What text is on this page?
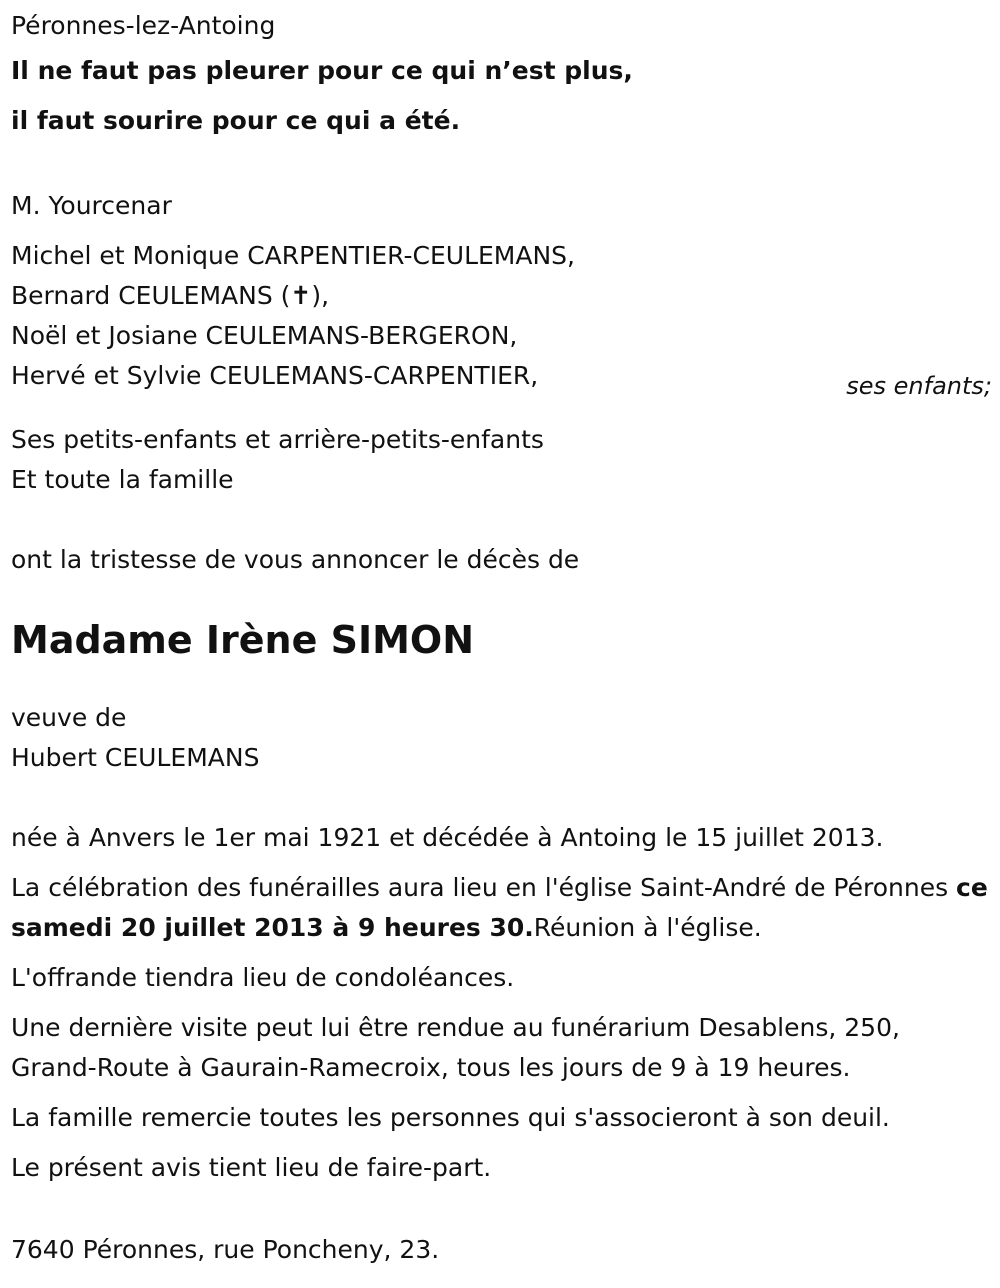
Péronnes-lez-Antoing

Il ne faut pas pleurer pour ce qui n’est plus,

il faut sourire pour ce qui a été.

M. Yourcenar

Michel et Monique CARPENTIER-CEULEMANS,

Bernard CEULEMANS (✝),

Noël et Josiane CEULEMANS-BERGERON,

Hervé et Sylvie CEULEMANS-CARPENTIER,	ses enfants;

Ses petits-enfants et arrière-petits-enfants

Et toute la famille

ont la tristesse de vous annoncer le décès de

Madame Irène SIMON

veuve de

Hubert CEULEMANS

née à Anvers le 1er mai 1921 et décédée à Antoing le 15 juillet 2013.

La célébration des funérailles aura lieu en l'église Saint-André de Péronnes ce samedi 20 juillet 2013 à 9 heures 30.Réunion à l'église.

L'offrande tiendra lieu de condoléances.

Une dernière visite peut lui être rendue au funérarium Desablens, 250, Grand-Route à Gaurain-Ramecroix, tous les jours de 9 à 19 heures.

La famille remercie toutes les personnes qui s'associeront à son deuil.

Le présent avis tient lieu de faire-part.

7640 Péronnes, rue Poncheny, 23.
